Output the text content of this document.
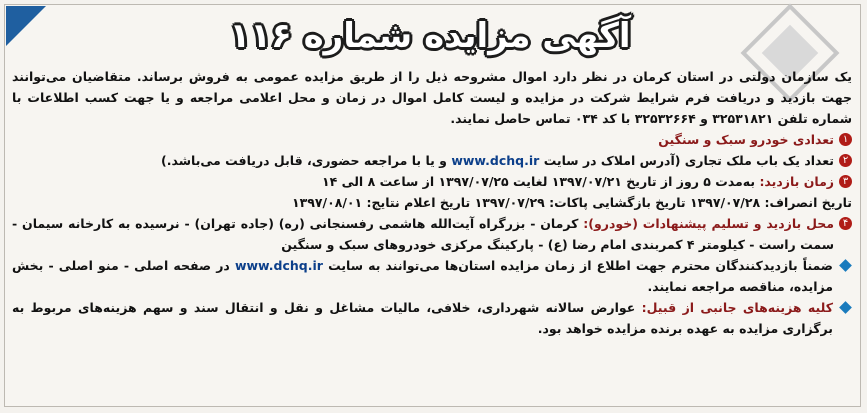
آگهی مزایده شماره ۱۱۶

یک سازمان دولتی در استان کرمان در نظر دارد اموال مشروحه ذیل را از طریق مزایده عمومی به فروش برساند. متقاضیان می‌توانند جهت بازدید و دریافت فرم شرایط شرکت در مزایده و لیست کامل اموال در زمان و محل اعلامی مراجعه و یا جهت کسب اطلاعات با شماره تلفن ۳۲۵۳۱۸۲۱ و ۳۲۵۳۲۶۶۴ با کد ۰۳۴ تماس حاصل نمایند.

۱

تعدادی خودرو سبک و سنگین

۲

تعداد یک باب ملک تجاری (آدرس املاک در سایت www.dchq.ir و یا با مراجعه حضوری، قابل دریافت می‌باشد.)

۳

زمان بازدید: به‌مدت ۵ روز از تاریخ ۱۳۹۷/۰۷/۲۱ لغایت ۱۳۹۷/۰۷/۲۵ از ساعت ۸ الی ۱۴

تاریخ انصراف: ۱۳۹۷/۰۷/۲۸ تاریخ بازگشایی پاکات: ۱۳۹۷/۰۷/۲۹ تاریخ اعلام نتایج: ۱۳۹۷/۰۸/۰۱

۴

محل بازدید و تسلیم پیشنهادات (خودرو): کرمان - بزرگراه آیت‌الله هاشمی رفسنجانی (ره) (جاده تهران) - نرسیده به کارخانه سیمان - سمت راست - کیلومتر ۴ کمربندی امام رضا (ع) - پارکینگ مرکزی خودروهای سبک و سنگین

ضمناً بازدیدکنندگان محترم جهت اطلاع از زمان مزایده استان‌ها می‌توانند به سایت www.dchq.ir در صفحه اصلی - منو اصلی - بخش مزایده، مناقصه مراجعه نمایند.

کلیه هزینه‌های جانبی از قبیل: عوارض سالانه شهرداری، خلافی، مالیات مشاغل و نقل و انتقال سند و سهم هزینه‌های مربوط به برگزاری مزایده به عهده برنده مزایده خواهد بود.
